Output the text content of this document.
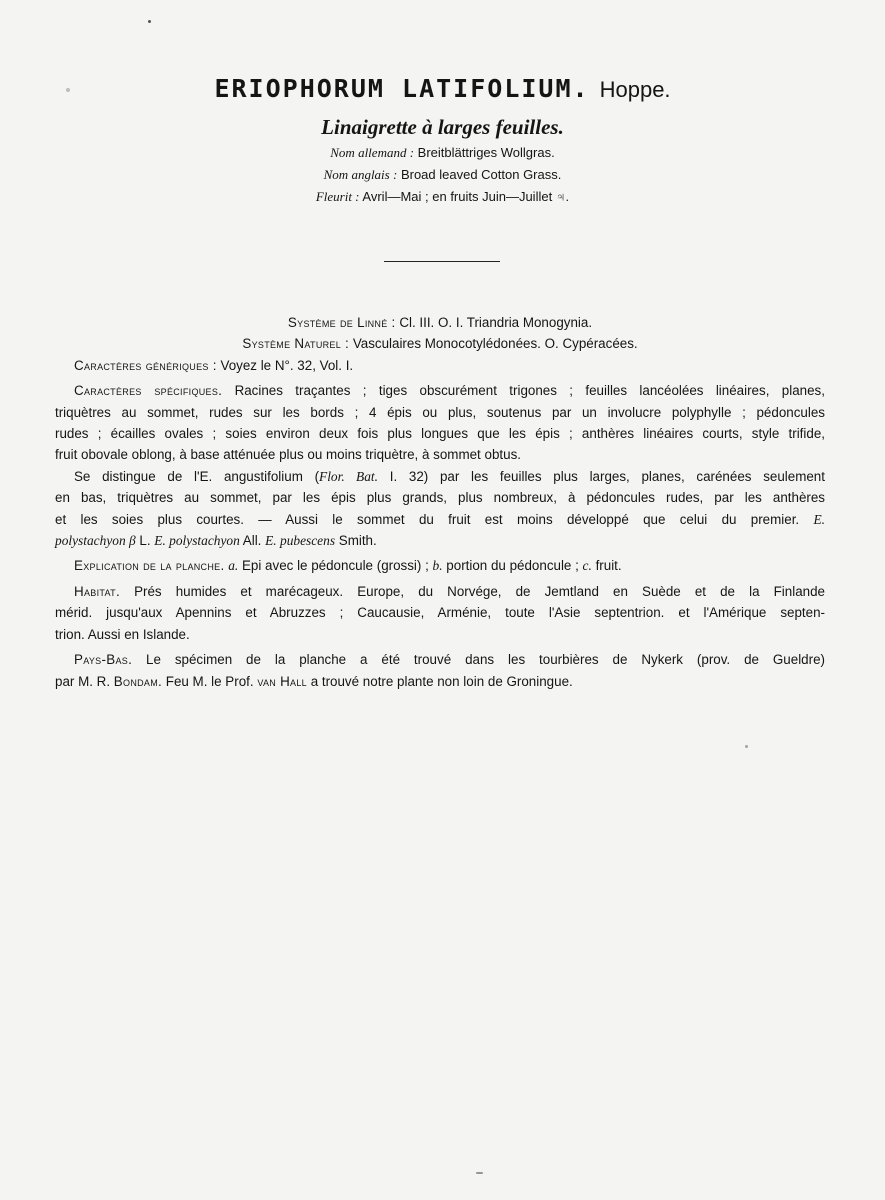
ERIOPHORUM LATIFOLIUM. Hoppe.
Linaigrette à larges feuilles.
Nom allemand : Breitblättriges Wollgras.
Nom anglais : Broad leaved Cotton Grass.
Fleurit : Avril—Mai ; en fruits Juin—Juillet ♃.
Système de Linné : Cl. III. O. I. Triandria Monogynia.
Système Naturel : Vasculaires Monocotylédonées. O. Cypéracées.
Caractères génériques : Voyez le N°. 32, Vol. I.
Caractères spécifiques. Racines traçantes ; tiges obscurément trigones ; feuilles lancéolées linéaires, planes,
triquètres au sommet, rudes sur les bords ; 4 épis ou plus, soutenus par un involucre polyphylle ; pédoncules
rudes ; écailles ovales ; soies environ deux fois plus longues que les épis ; anthères linéaires courts, style trifide,
fruit obovale oblong, à base atténuée plus ou moins triquètre, à sommet obtus.
Se distingue de l'E. angustifolium (Flor. Bat. I. 32) par les feuilles plus larges, planes, carénées seulement
en bas, triquètres au sommet, par les épis plus grands, plus nombreux, à pédoncules rudes, par les anthères
et les soies plus courtes. — Aussi le sommet du fruit est moins développé que celui du premier. E.
polystachyon β L. E. polystachyon All. E. pubescens Smith.
Explication de la planche. a. Epi avec le pédoncule (grossi) ; b. portion du pédoncule ; c. fruit.
Habitat. Prés humides et marécageux. Europe, du Norvége, de Jemtland en Suède et de la Finlande
mérid. jusqu'aux Apennins et Abruzzes ; Caucausie, Arménie, toute l'Asie septentrion. et l'Amérique septen-
trion. Aussi en Islande.
Pays-Bas. Le spécimen de la planche a été trouvé dans les tourbières de Nykerk (prov. de Gueldre)
par M. R. Bondam. Feu M. le Prof. van Hall a trouvé notre plante non loin de Groningue.
